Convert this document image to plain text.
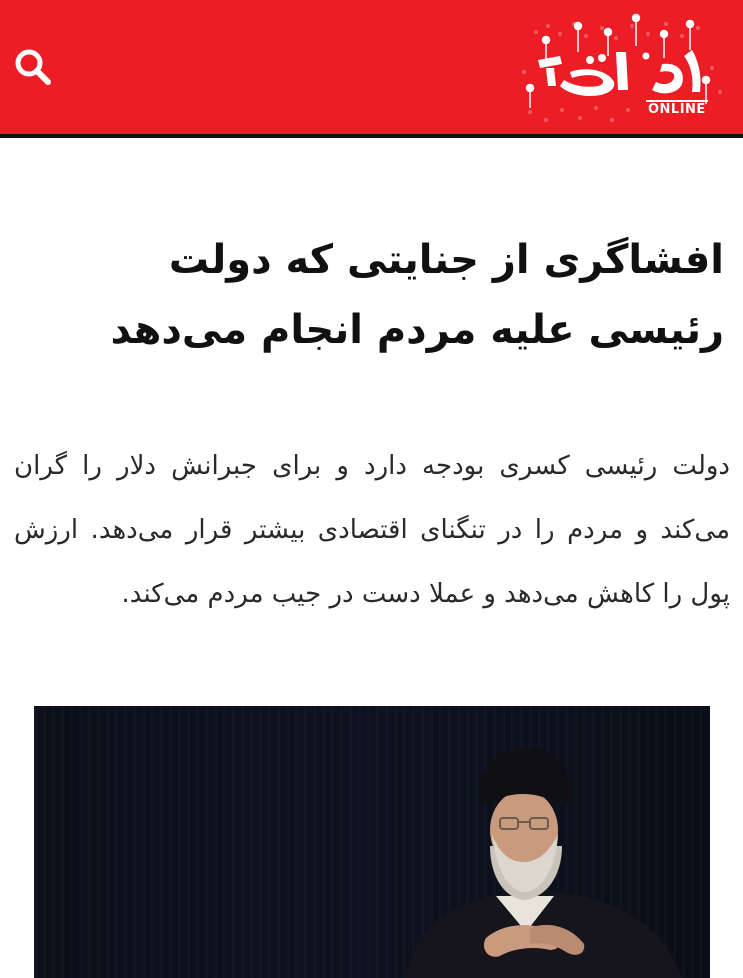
ONLINE
افشاگری از جنایتی که دولت رئیسی علیه مردم انجام می‌دهد

دولت رئیسی کسری بودجه دارد و برای جبرانش دلار را گران می‌کند و مردم را در تنگنای اقتصادی بیشتر قرار می‌دهد. ارزش پول را کاهش می‌دهد و عملا دست در جیب مردم می‌کند.
